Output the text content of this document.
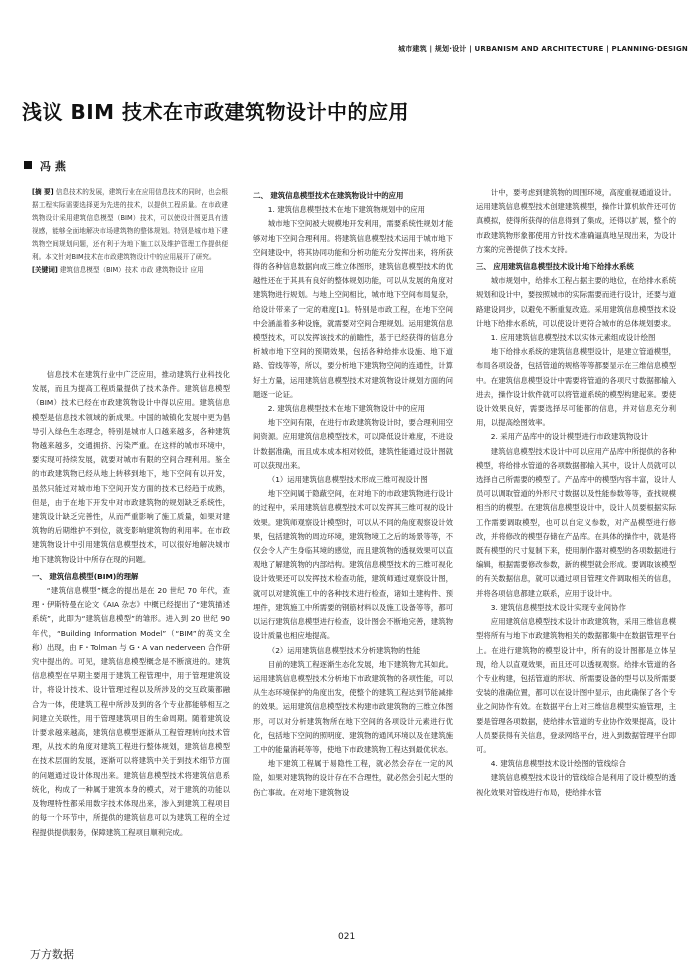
城市建筑 | 规划·设计 | URBANISM AND ARCHITECTURE | PLANNING·DESIGN
浅议 BIM 技术在市政建筑物设计中的应用
冯 燕

[摘 要] 信息技术的发展，建筑行业在应用信息技术的同时，也会根据工程实际需要选择更为先进的技术，以提供工程质量。在市政建筑物设计采用建筑信息模型（BIM）技术，可以使设计图更具有透视感，能够全面地解决市场建筑物的整体规划。特别是城市地下建筑物空间规划问题，还有利于为地下施工以及维护管理工作提供便利。本文针对BIM技术在市政建筑物设计中的应用展开了研究。

[关键词] 建筑信息模型（BIM）技术 市政 建筑物设计 应用

信息技术在建筑行业中广泛应用，推动建筑行业科技化发展，而且为提高工程质量提供了技术条件。建筑信息模型（BIM）技术已经在市政建筑物设计中得以应用。建筑信息模型是信息技术领域的新成果。中国的城镇化发展中更为倡导引入绿色生态理念，特别是城市人口越来越多，各种建筑物越来越多，交通拥挤、污染严重。在这样的城市环境中，要实现可持续发展，就要对城市有限的空间合理利用。鉴全的市政建筑物已经从地上转移到地下，地下空间有以开发，虽然只能过对城市地下空间开发方面的技术已经趋于成熟，但是，由于在地下开发中对市政建筑物的规划缺乏系统性，建筑设计缺乏完善性，从而严重影响了施工质量，如果对建筑物的后期维护不到位，就变影响建筑物的利用率。在市政建筑物设计中引用建筑信息模型技术，可以很好地解决城市地下建筑物设计中所存在现的问题。

一、 建筑信息模型(BIM)的理解

“建筑信息模型”概念的提出是在 20 世纪 70 年代，查理・伊斯特曼在论文《AIA 杂志》中概已经提出了“建筑描述系统”，此即为“建筑信息模型”的雏形。进入到 20 世纪 90 年代，“Building Information Model”（“BIM”的英文全称）出现，由 F・Tolman 与 G・A van nederveen 合作研究中提出的。可见，建筑信息模型概念是不断演进的。建筑信息模型在早期主要用于建筑工程管理中，用于管理建筑设计，将设计技术、设计管理过程以及所涉及的交互政策都融合为一体，使建筑工程中所涉及到的各个专业都能够相互之间建立关联性，用于管理建筑项目的生命周期。随着建筑设计要求越来越高，建筑信息模型逐渐从工程管理转向技术管理，从技术的角度对建筑工程进行整体规划，建筑信息模型在技术层面的发展，逐渐可以将建筑中关于到技术细节方面的问题通过设计体现出来。建筑信息模型技术将建筑信息系统化，构成了一种属于建筑本身的模式，对于建筑的功能以及物理特性都采用数字技术体现出来，渗入到建筑工程项目的每一个环节中，所提供的建筑信息可以为建筑工程的全过程提供提供服务，保障建筑工程项目顺利完成。

二、 建筑信息模型技术在建筑物设计中的应用

1. 建筑信息模型技术在地下建筑物规划中的应用

城市地下空间被大规模地开发利用，需要系统性规划才能够对地下空间合理利用。将建筑信息模型技术运用于城市地下空间建设中，将其协同功能和分析功能充分发挥出来，将所获得的各种信息数据向成三维立体图形，建筑信息模型技术的优越性还在于其具有良好的整体规划功能，可以从发展的角度对建筑物进行规划。与地上空间相比，城市地下空间布局复杂，给设计带来了一定的难度[1]。特别是市政工程，在地下空间中会涵盖着多种设施，就需要对空间合理规划。运用建筑信息模型技术，可以发挥该技术的前瞻性，基于已经获得的信息分析城市地下空间的预期效果，包括各种给排水设施、地下道路、管线等等，所以，要分析地下建筑物空间的连通性，计算好土方量，运用建筑信息模型技术对建筑物设计规划方面的问题逐一论证。

2. 建筑信息模型技术在地下建筑物设计中的应用

地下空间有限，在进行市政建筑物设计时，要合理利用空间资源。应用建筑信息模型技术，可以降低设计难度，不进设计数据准确，而且成本成本相对较低，建筑性能通过设计图就可以获现出来。

（1）运用建筑信息模型技术形成三维可视设计图

地下空间属于隐蔽空间，在对地下的市政建筑物进行设计的过程中，采用建筑信息模型技术可以发挥其三维可视的设计效果。建筑师观察设计模型时，可以从不同的角度观察设计效果，包括建筑物的周边环境，建筑物境工之后的场景等等，不仅会令人产生身临其境的感觉，而且建筑物的透视效果可以直观地了解建筑物的内部结构。建筑信息模型技术的三维可视化设计效果还可以发挥技术检查功能，建筑师通过观察设计图，就可以对建筑施工中的各种技术进行检查，诸如土建构件、预埋件，建筑施工中所需要的钢筋材料以及施工设备等等，都可以运行建筑信息模型进行检查，设计图会不断地完善，建筑物设计质量也相应地提高。

（2）运用建筑信息模型技术分析建筑物的性能

目前的建筑工程逐渐生态化发展，地下建筑物尤其如此。运用建筑信息模型技术分析地下市政建筑物的各项性能，可以从生态环境保护的角度出发，使整个的建筑工程达到节能减排的效果。运用建筑信息模型技术构建市政建筑物的三维立体图形，可以对分析建筑物所在地下空间的各项设计元素进行优化，包括地下空间的照明度、建筑物的通风环境以及在建筑施工中的能量消耗等等，使地下市政建筑物工程达到最优状态。

地下建筑工程属于易隐性工程，就必然会存在一定的风险，如果对建筑物的设计存在不合理性，就必然会引起大型的伤亡事故。在对地下建筑物设

计中，要考虑到建筑物的周围环境，高度重视通道设计。运用建筑信息模型技术创建建筑模型，操作计算机软件还可仿真模拟，使得所获得的信息得到了集成，还得以扩展，整个的市政建筑物形象都使用方针技术准确逼真地呈现出来，为设计方案的完善提供了技术支持。

三、 应用建筑信息模型技术设计地下给排水系统

城市规划中，给排水工程占据主要的地位，在给排水系统规划和设计中，要按照城市的实际需要而进行设计，还要与道路建设同步，以避免不断重复改造。采用建筑信息模型技术设计地下给排水系统，可以使设计更符合城市的总体规划要求。

1. 应用建筑信息模型技术以实体元素组成设计绘图

地下给排水系统的建筑信息模型设计，是建立管道模型，布局各项设备，包括管道的规格等等都要显示在三维信息模型中。在建筑信息模型设计中需要将管道的各项尺寸数据都输入进去，操作设计软件就可以将管道系统的模型构建起来。要使设计效果良好，需要选择尽可能都的信息，并对信息充分利用，以提高绘图效率。

2. 采用产品库中的设计模型进行市政建筑物设计

建筑信息模型技术设计中可以应用产品库中所提供的各种模型，将给排水管道的各项数据都输入其中，设计人员就可以选择自己所需要的模型了。产品库中的模型内容丰富，设计人员可以调取管道的外形尺寸数据以及性能参数等等，查找规模相当的的模型。在建筑信息模型设计中，设计人员要根据实际工作需要调取模型，也可以自定义参数，对产品模型进行修改，并将修改的模型存储在产品库。在具体的操作中，就是将既有模型的尺寸复制下来，使用制作器对模型的各项数据进行编辑，根据需要修改参数，新的模型就会形成。要调取该模型的有关数据信息，就可以通过项目管理文件调取相关的信息，并将各项信息都建立联系，应用于设计中。

3. 建筑信息模型技术设计实现专业间协作

应用建筑信息模型技术设计市政建筑物，采用三维信息模型将所有与地下市政建筑物相关的数据都集中在数据管理平台上。在进行建筑物的模型设计中，所有的设计图都是立体呈现，给人以直观效果，而且还可以透视观察。给排水管道的各个专业构建，包括管道的形状、所需要设备的型号以及所需要安装的准确位置，都可以在设计图中显示，由此确保了各个专业之间协作有效。在数据平台上对三维信息模型实施管理，主要是管理各项数据，使给排水管道的专业协作效果提高，设计人员要获得有关信息，登录网络平台，进入到数据管理平台即可。

4. 建筑信息模型技术设计绘图的管线综合

建筑信息模型技术设计的管线综合是利用了设计模型的透视化效果对管线进行布局，使给排水管

021
万方数据
